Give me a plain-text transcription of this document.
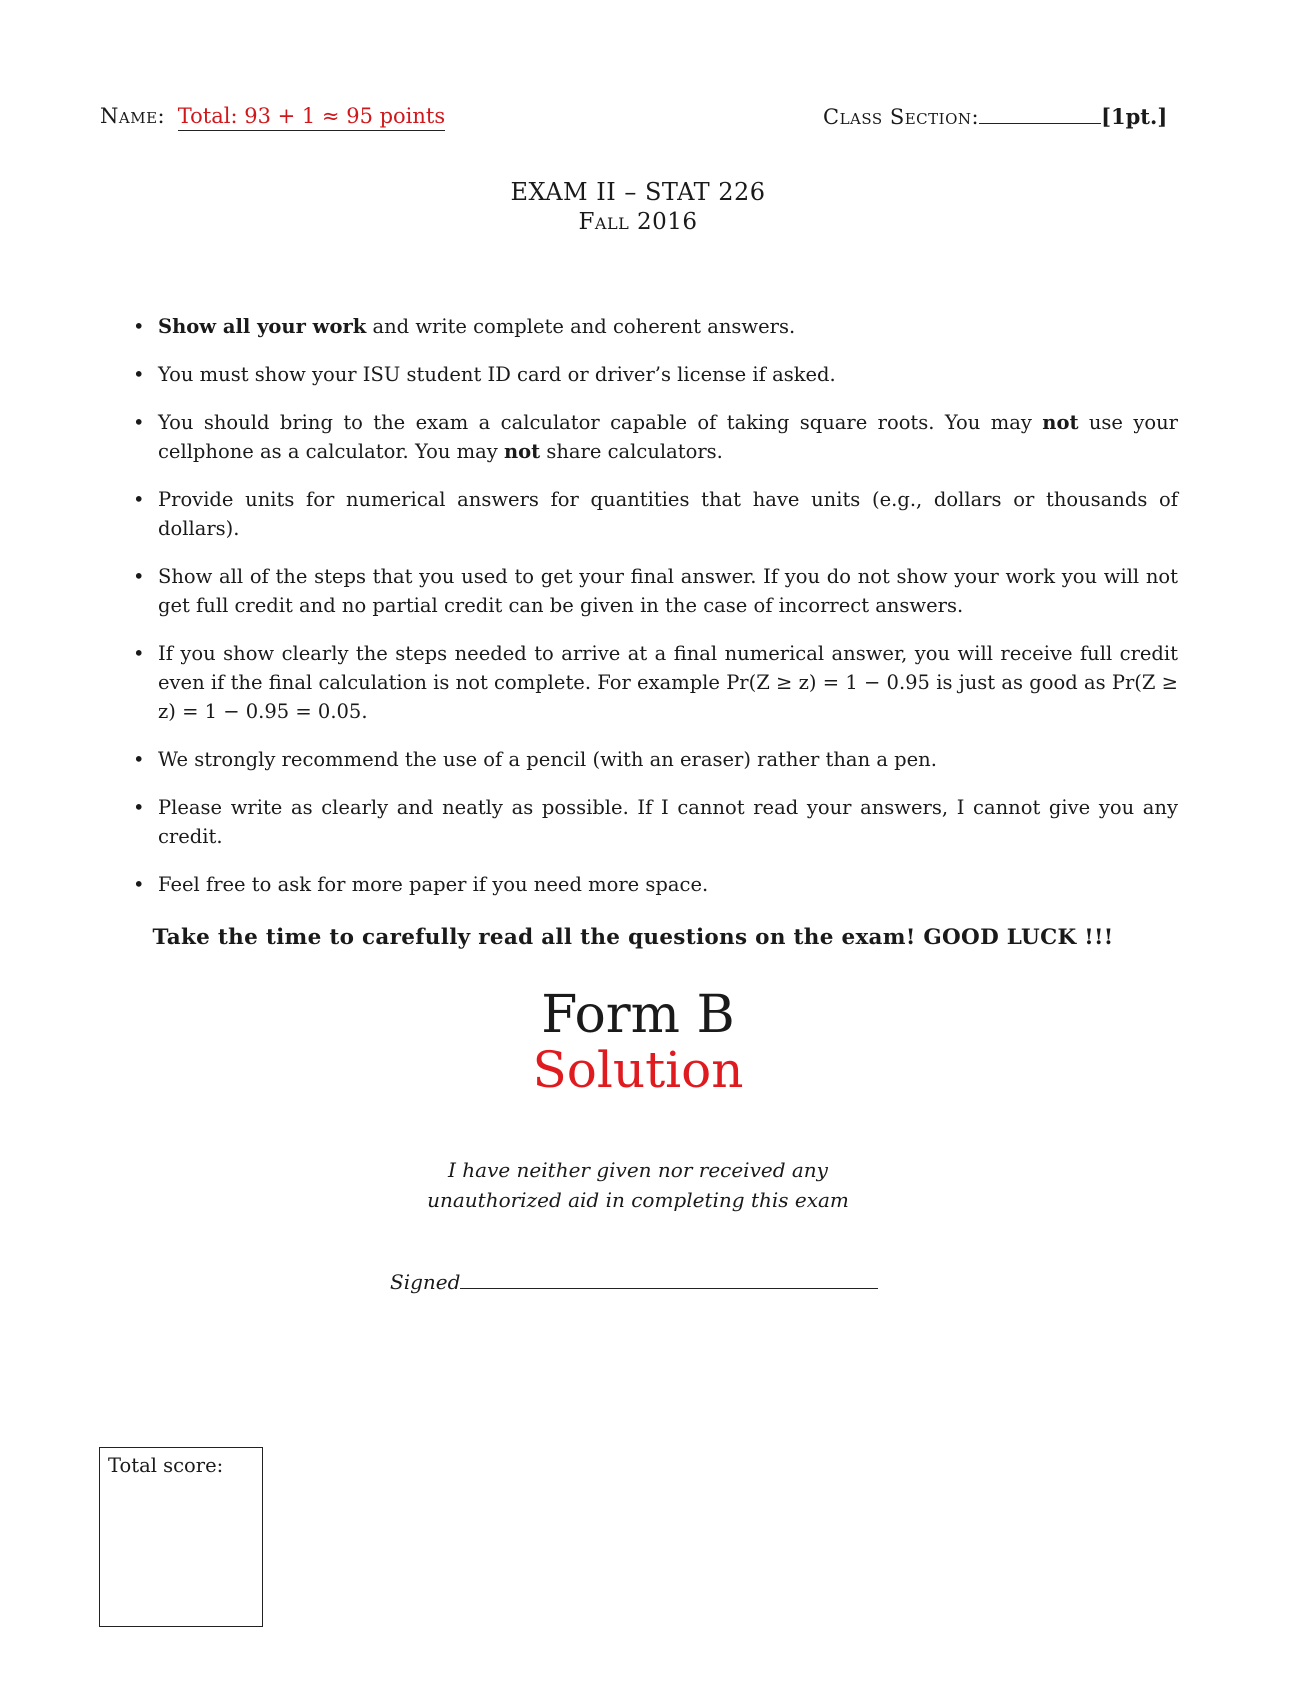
Name: Total: 93 + 1 ≈ 95 points	Class Section:	[1pt.]
EXAM II – STAT 226
Fall 2016
• Show all your work and write complete and coherent answers.
• You must show your ISU student ID card or driver’s license if asked.
• You should bring to the exam a calculator capable of taking square roots. You may not use your cellphone as a calculator. You may not share calculators.
• Provide units for numerical answers for quantities that have units (e.g., dollars or thousands of dollars).
• Show all of the steps that you used to get your final answer. If you do not show your work you will not get full credit and no partial credit can be given in the case of incorrect answers.
• If you show clearly the steps needed to arrive at a final numerical answer, you will receive full credit even if the final calculation is not complete. For example Pr(Z ≥ z) = 1 − 0.95 is just as good as Pr(Z ≥ z) = 1 − 0.95 = 0.05.
• We strongly recommend the use of a pencil (with an eraser) rather than a pen.
• Please write as clearly and neatly as possible. If I cannot read your answers, I cannot give you any credit.
• Feel free to ask for more paper if you need more space.
Take the time to carefully read all the questions on the exam! GOOD LUCK !!!
Form B
Solution
I have neither given nor received any
unauthorized aid in completing this exam
Signed
Total score:
